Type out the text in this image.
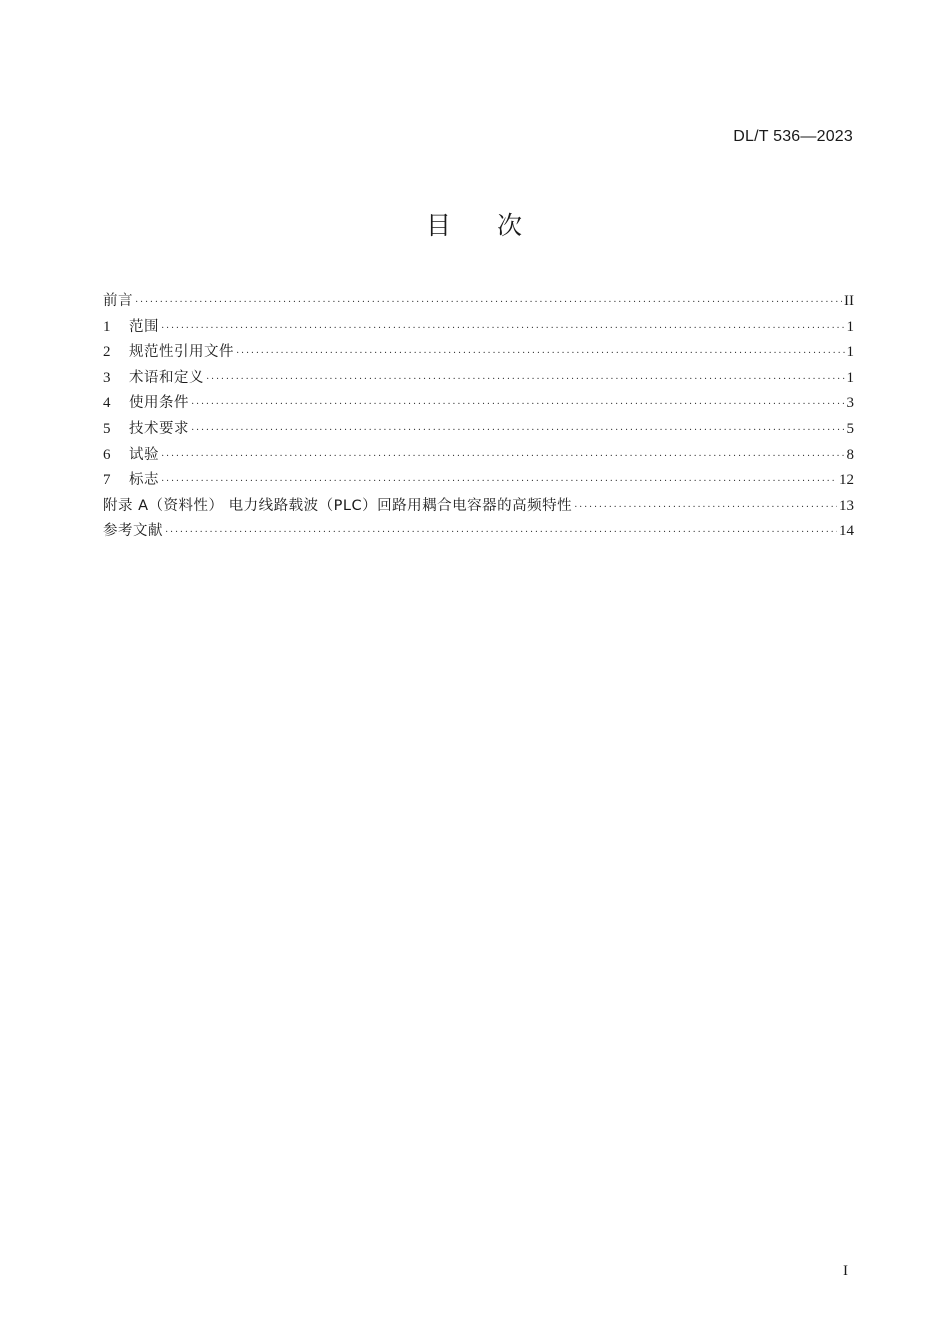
DL/T 536—2023
目 次
前言 ·····	II
1	范围 ·····	1
2	规范性引用文件 ·····	1
3	术语和定义 ·····	1
4	使用条件 ·····	3
5	技术要求 ·····	5
6	试验 ·····	8
7	标志 ·····	12
附录 A（资料性） 电力线路载波（PLC）回路用耦合电容器的高频特性 ·····	13
参考文献 ·····	14
I
